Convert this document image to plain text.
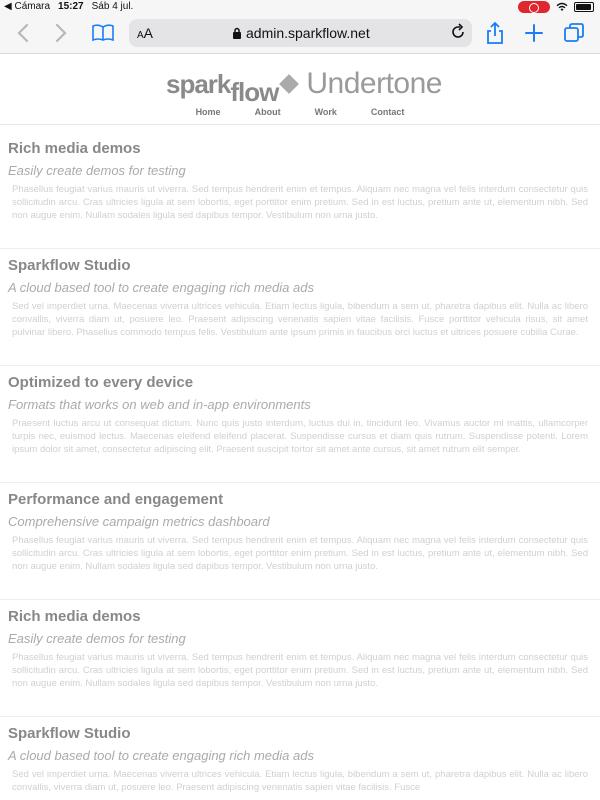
◀ Cámara 15:27 Sáb 4 jul.
AA	admin.sparkflow.net
spark flow Undertone
Home	About	Work	Contact
Rich media demos
Easily create demos for testing
Phasellus feugiat varius mauris ut viverra. Sed tempus hendrerit enim et tempus. Aliquam nec magna vel felis interdum consectetur quis sollicitudin arcu. Cras ultricies ligula at sem lobortis, eget porttitor enim pretium. Sed in est luctus, pretium ante ut, elementum nibh. Sed non augue enim. Nullam sodales ligula sed dapibus tempor. Vestibulum non urna justo.
Sparkflow Studio
A cloud based tool to create engaging rich media ads
Sed vel imperdiet urna. Maecenas viverra ultrices vehicula. Etiam lectus ligula, bibendum a sem ut, pharetra dapibus elit. Nulla ac libero convallis, viverra diam ut, posuere leo. Praesent adipiscing venenatis sapien vitae facilisis. Fusce porttitor vehicula risus, sit amet pulvinar libero. Phasellus commodo tempus felis. Vestibulum ante ipsum primis in faucibus orci luctus et ultrices posuere cubilia Curae.
Optimized to every device
Formats that works on web and in-app environments
Praesent luctus arcu ut consequat dictum. Nunc quis justo interdum, luctus dui in, tincidunt leo. Vivamus auctor mi mattis, ullamcorper turpis nec, euismod lectus. Maecenas eleifend eleifend placerat. Suspendisse cursus et diam quis rutrum. Suspendisse potenti. Lorem ipsum dolor sit amet, consectetur adipiscing elit. Praesent suscipit tortor sit amet ante cursus, sit amet rutrum elit semper.
Performance and engagement
Comprehensive campaign metrics dashboard
Phasellus feugiat varius mauris ut viverra. Sed tempus hendrerit enim et tempus. Aliquam nec magna vel felis interdum consectetur quis sollicitudin arcu. Cras ultricies ligula at sem lobortis, eget porttitor enim pretium. Sed in est luctus, pretium ante ut, elementum nibh. Sed non augue enim. Nullam sodales ligula sed dapibus tempor. Vestibulum non urna justo.
Rich media demos
Easily create demos for testing
Phasellus feugiat varius mauris ut viverra. Sed tempus hendrerit enim et tempus. Aliquam nec magna vel felis interdum consectetur quis sollicitudin arcu. Cras ultricies ligula at sem lobortis, eget porttitor enim pretium. Sed in est luctus, pretium ante ut, elementum nibh. Sed non augue enim. Nullam sodales ligula sed dapibus tempor. Vestibulum non urna justo.
Sparkflow Studio
A cloud based tool to create engaging rich media ads
Sed vel imperdiet urna. Maecenas viverra ultrices vehicula. Etiam lectus ligula, bibendum a sem ut, pharetra dapibus elit. Nulla ac libero convallis, viverra diam ut, posuere leo. Praesent adipiscing venenatis sapien vitae facilisis. Fusce
